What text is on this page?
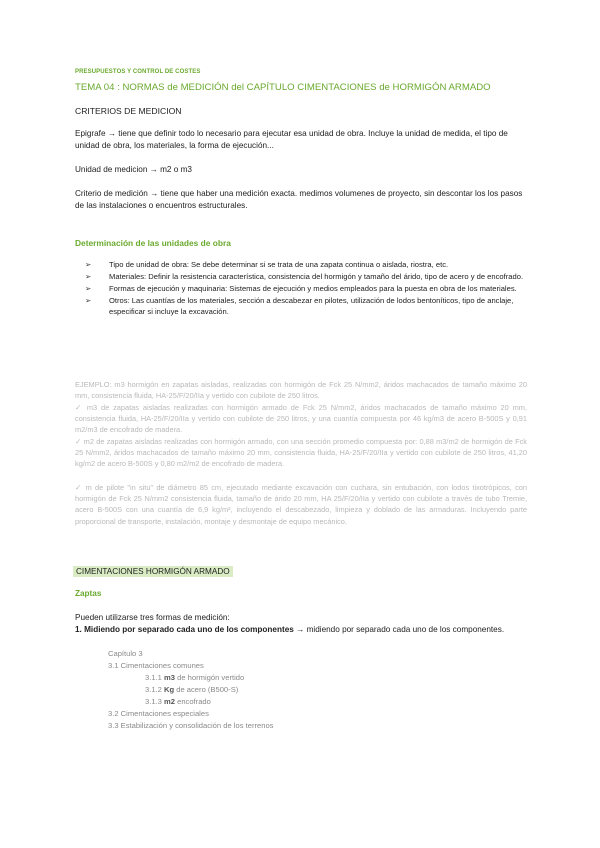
PRESUPUESTOS Y CONTROL DE COSTES
TEMA 04 : NORMAS de MEDICIÓN del CAPÍTULO CIMENTACIONES de HORMIGÓN ARMADO
CRITERIOS DE MEDICION
Epigrafe → tiene que definir todo lo necesario para ejecutar esa unidad de obra. Incluye la unidad de medida, el tipo de unidad de obra, los materiales, la forma de ejecución...
Unidad de medicion → m2 o m3
Criterio de medición → tiene que haber una medición exacta. medimos volumenes de proyecto, sin descontar los los pasos de las instalaciones o encuentros estructurales.
Determinación de las unidades de obra
➢ Tipo de unidad de obra: Se debe determinar si se trata de una zapata continua o aislada, riostra, etc.
➢ Materiales: Definir la resistencia característica, consistencia del hormigón y tamaño del árido, tipo de acero y de encofrado.
➢ Formas de ejecución y maquinaria: Sistemas de ejecución y medios empleados para la puesta en obra de los materiales.
➢ Otros: Las cuantías de los materiales, sección a descabezar en pilotes, utilización de lodos bentoníticos, tipo de anclaje, especificar si incluye la excavación.
EJEMPLO: m3 hormigón en zapatas aisladas, realizadas con hormigón de Fck 25 N/mm2, áridos machacados de tamaño máximo 20 mm, consistencia fluida, HA-25/F/20/IIa y vertido con cubilote de 250 litros.
✓ m3 de zapatas aisladas realizadas con hormigón armado de Fck 25 N/mm2, áridos machacados de tamaño máximo 20 mm, consistencia fluida, HA-25/F/20/IIa y vertido con cubilote de 250 litros, y una cuantía compuesta por 46 kg/m3 de acero B-500S y 0,91 m2/m3 de encofrado de madera.
✓ m2 de zapatas aisladas realizadas con hormigón armado, con una sección promedio compuesta por: 0,88 m3/m2 de hormigón de Fck 25 N/mm2, áridos machacados de tamaño máximo 20 mm, consistencia fluida, HA-25/F/20/IIa y vertido con cubilote de 250 litros, 41,20 kg/m2 de acero B-500S y 0,80 m2/m2 de encofrado de madera.
✓ m de pilote "in situ" de diámetro 85 cm, ejecutado mediante excavación con cuchara, sin entubación, con lodos tixotrópicos, con hormigón de Fck 25 N/mm2 consistencia fluida, tamaño de árido 20 mm, HA 25/F/20/IIa y vertido con cubilote a través de tubo Tremie, acero B-500S con una cuantía de 6,9 kg/m², incluyendo el descabezado, limpieza y doblado de las armaduras. Incluyendo parte proporcional de transporte, instalación, montaje y desmontaje de equipo mecánico.
CIMENTACIONES HORMIGÓN ARMADO
Zaptas
Pueden utilizarse tres formas de medición:
1. Midiendo por separado cada uno de los componentes → midiendo por separado cada uno de los componentes.
Capítulo 3
3.1 Cimentaciones comunes
3.1.1 m3 de hormigón vertido
3.1.2 Kg de acero (B500-S)
3.1.3 m2 encofrado
3.2 Cimentaciones especiales
3.3 Estabilización y consolidación de los terrenos
